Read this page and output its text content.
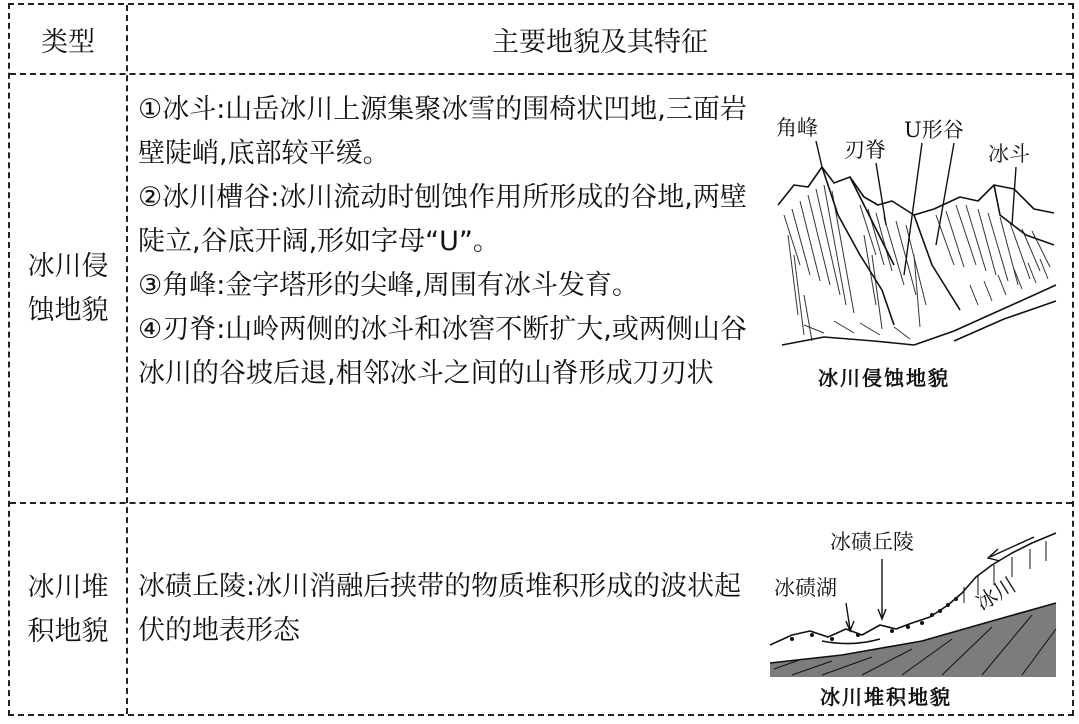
类型	主要地貌及其特征
冰川侵蚀地貌

①冰斗:山岳冰川上源集聚冰雪的围椅状凹地,三面岩壁陡峭,底部较平缓。

②冰川槽谷:冰川流动时刨蚀作用所形成的谷地,两壁陡立,谷底开阔,形如字母“U”。

③角峰:金字塔形的尖峰,周围有冰斗发育。

④刃脊:山岭两侧的冰斗和冰窖不断扩大,或两侧山谷冰川的谷坡后退,相邻冰斗之间的山脊形成刀刃状

角峰
刃脊
U形谷
冰斗
冰川侵蚀地貌
冰川堆积地貌

冰碛丘陵:冰川消融后挟带的物质堆积形成的波状起伏的地表形态

冰碛丘陵
冰碛湖	冰川
冰川堆积地貌
